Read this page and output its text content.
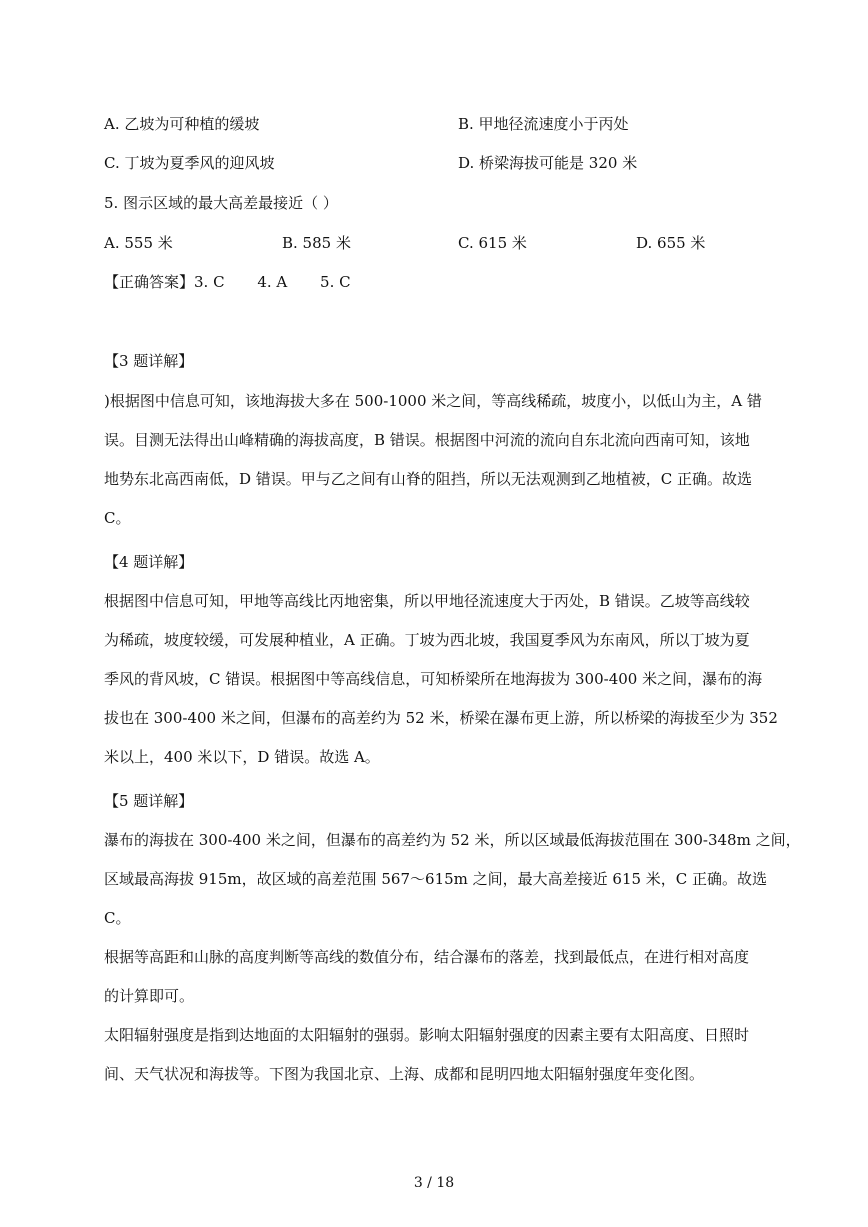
A. 乙坡为可种植的缓坡	B. 甲地径流速度小于丙处
C. 丁坡为夏季风的迎风坡	D. 桥梁海拔可能是 320 米
5. 图示区域的最大高差最接近（ ）
A. 555 米	B. 585 米	C. 615 米	D. 655 米
【正确答案】3. C 4. A 5. C
【3 题详解】
)根据图中信息可知，该地海拔大多在 500-1000 米之间，等高线稀疏，坡度小，以低山为主，A 错
误。目测无法得出山峰精确的海拔高度，B 错误。根据图中河流的流向自东北流向西南可知，该地
地势东北高西南低，D 错误。甲与乙之间有山脊的阻挡，所以无法观测到乙地植被，C 正确。故选
C。
【4 题详解】
根据图中信息可知，甲地等高线比丙地密集，所以甲地径流速度大于丙处，B 错误。乙坡等高线较
为稀疏，坡度较缓，可发展种植业，A 正确。丁坡为西北坡，我国夏季风为东南风，所以丁坡为夏
季风的背风坡，C 错误。根据图中等高线信息，可知桥梁所在地海拔为 300-400 米之间，瀑布的海
拔也在 300-400 米之间，但瀑布的高差约为 52 米，桥梁在瀑布更上游，所以桥梁的海拔至少为 352
米以上，400 米以下，D 错误。故选 A。
【5 题详解】
瀑布的海拔在 300-400 米之间，但瀑布的高差约为 52 米，所以区域最低海拔范围在 300-348m 之间，
区域最高海拔 915m，故区域的高差范围 567～615m 之间，最大高差接近 615 米，C 正确。故选
C。
根据等高距和山脉的高度判断等高线的数值分布，结合瀑布的落差，找到最低点，在进行相对高度
的计算即可。
太阳辐射强度是指到达地面的太阳辐射的强弱。影响太阳辐射强度的因素主要有太阳高度、日照时
间、天气状况和海拔等。下图为我国北京、上海、成都和昆明四地太阳辐射强度年变化图。
3 / 18
